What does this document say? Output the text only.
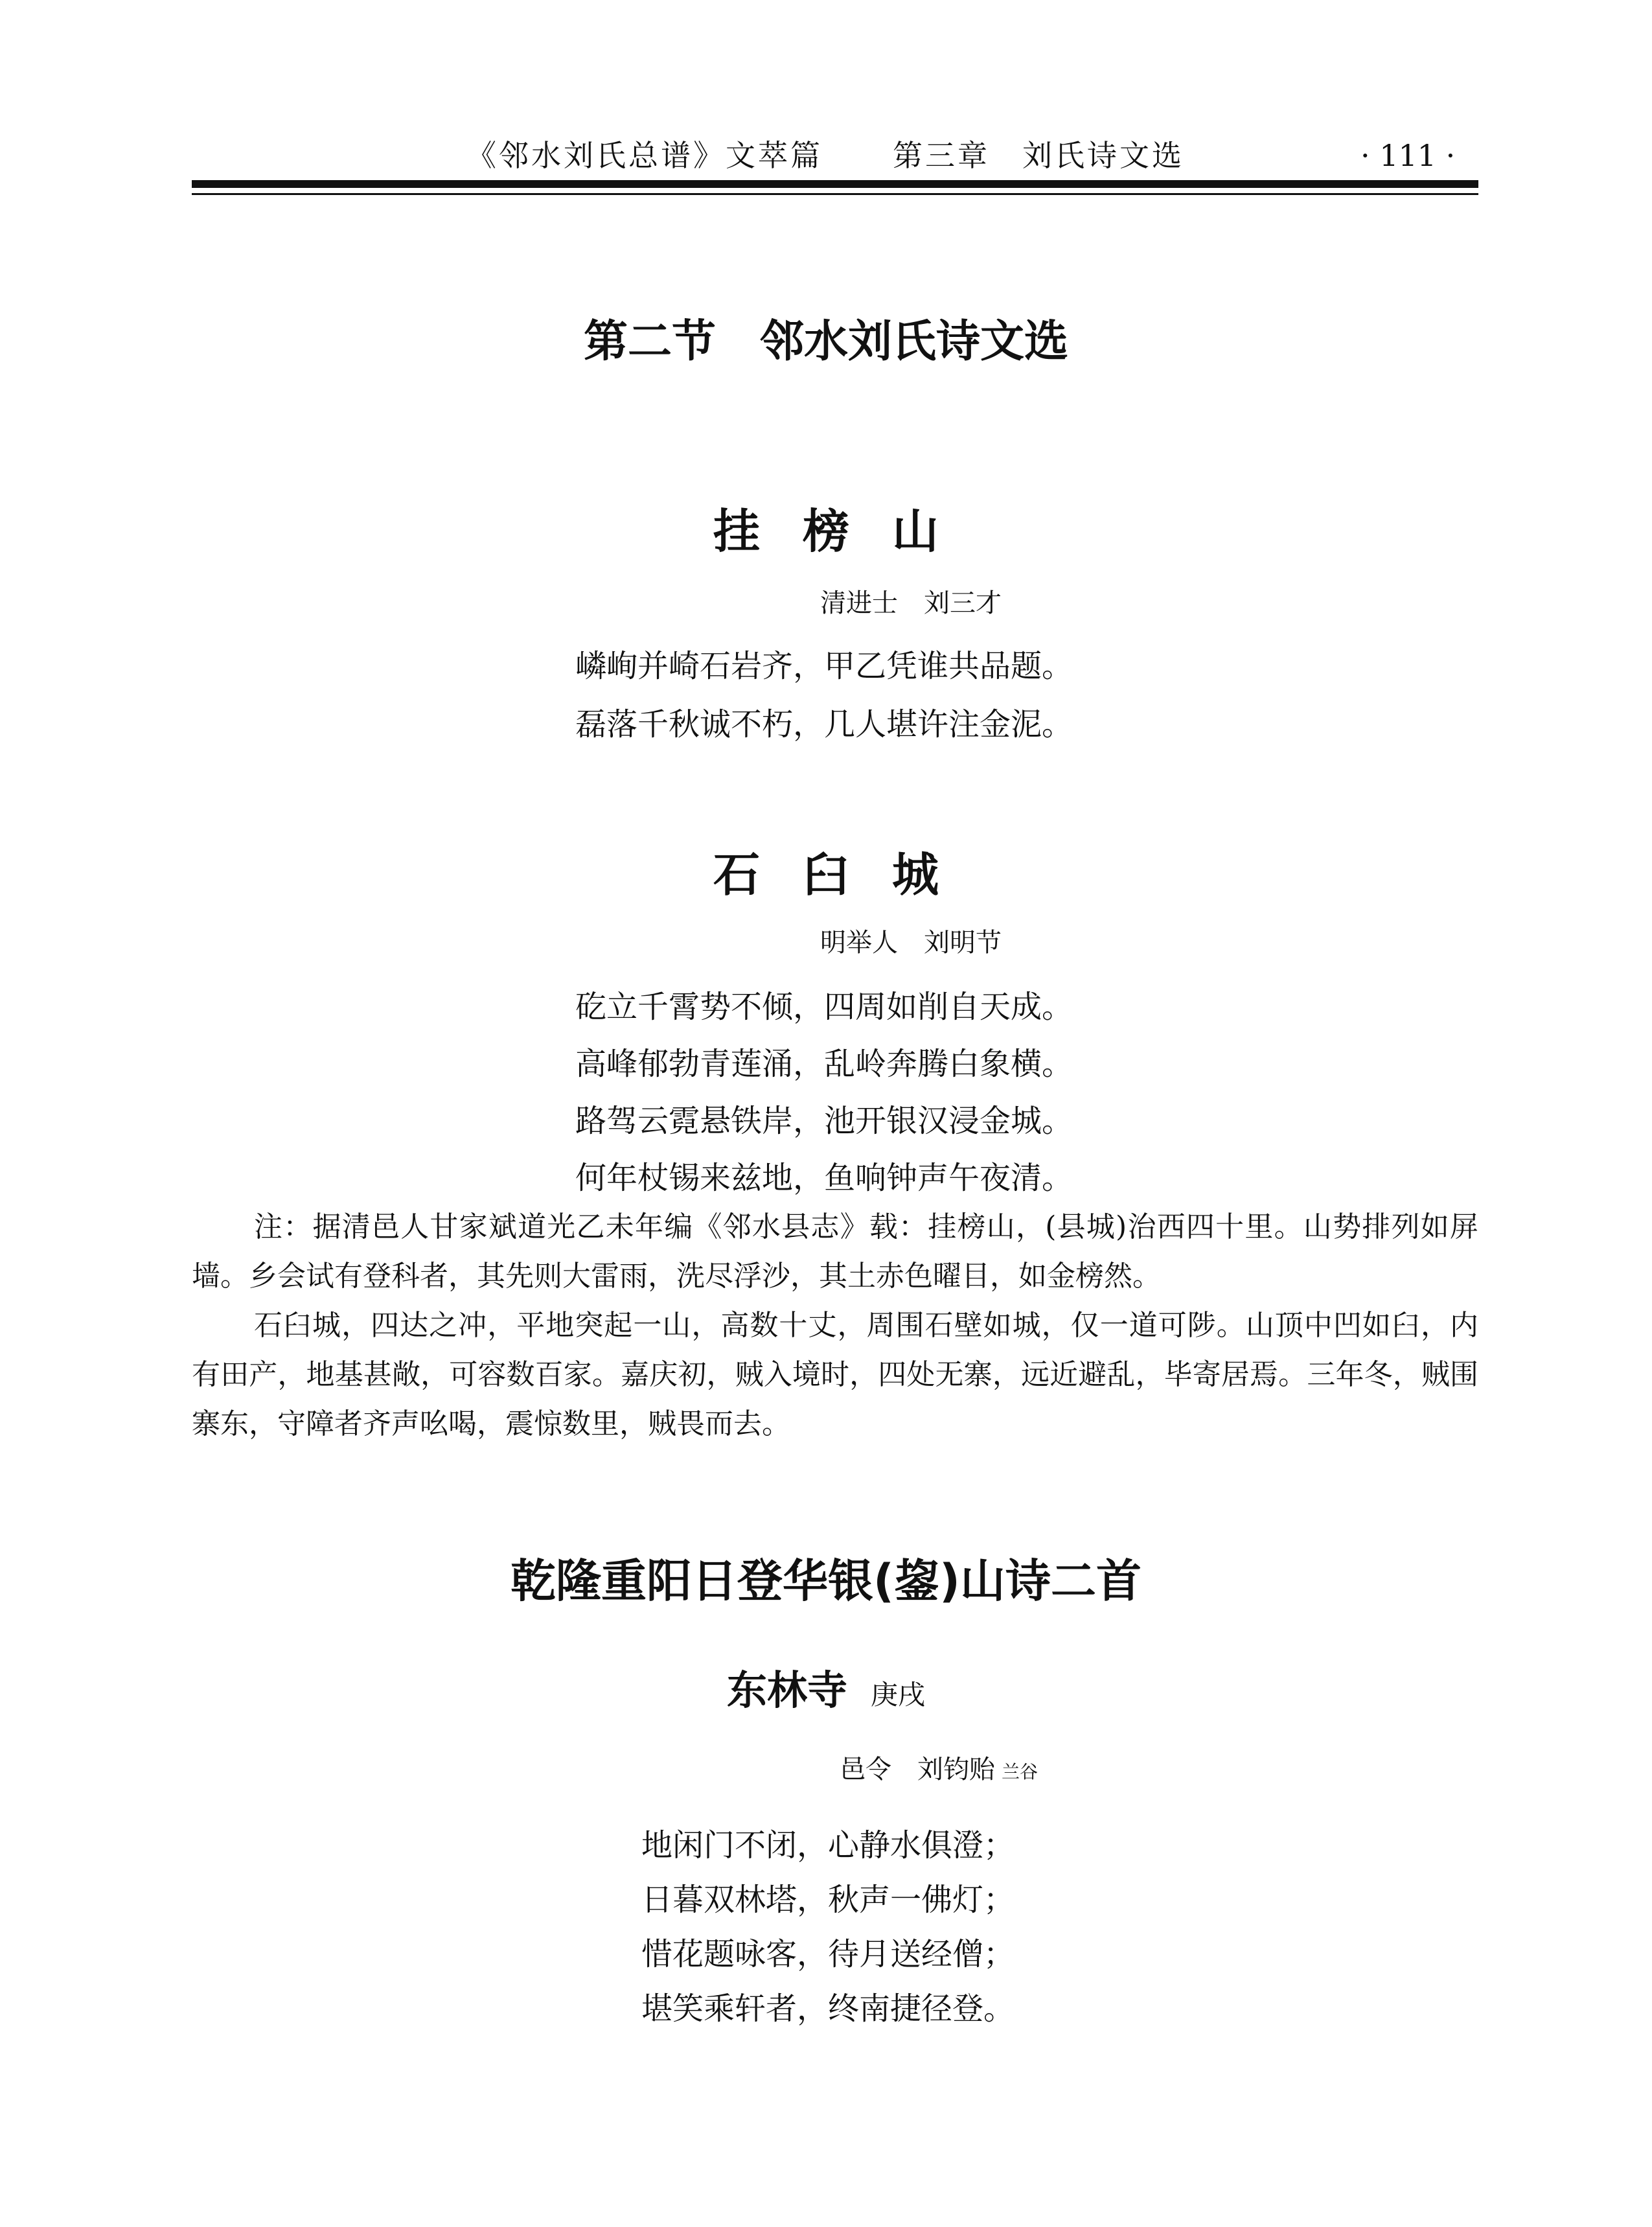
《邻水刘氏总谱》文萃篇 第三章　刘氏诗文选	· 111 ·
第二节　邻水刘氏诗文选
挂榜山
清进士　刘三才
嶙峋并崎石岩齐，甲乙凭谁共品题。
磊落千秋诚不朽，几人堪许注金泥。
石臼城
明举人　刘明节
矻立千霄势不倾，四周如削自天成。
高峰郁勃青莲涌，乱岭奔腾白象横。
路驾云霓悬铁岸，池开银汉浸金城。
何年杖锡来兹地，鱼响钟声午夜清。

注：据清邑人甘家斌道光乙未年编《邻水县志》载：挂榜山，(县城)治西四十里。山势排列如屏墙。乡会试有登科者，其先则大雷雨，洗尽浮沙，其土赤色曜目，如金榜然。

石臼城，四达之冲，平地突起一山，高数十丈，周围石壁如城，仅一道可陟。山顶中凹如臼，内有田产，地基甚敞，可容数百家。嘉庆初，贼入境时，四处无寨，远近避乱，毕寄居焉。三年冬，贼围寨东，守障者齐声吆喝，震惊数里，贼畏而去。

乾隆重阳日登华银(鋆)山诗二首
东林寺 庚戌
邑令　刘钧贻 兰谷
地闲门不闭，心静水俱澄；
日暮双林塔，秋声一佛灯；
惜花题咏客，待月送经僧；
堪笑乘轩者，终南捷径登。
